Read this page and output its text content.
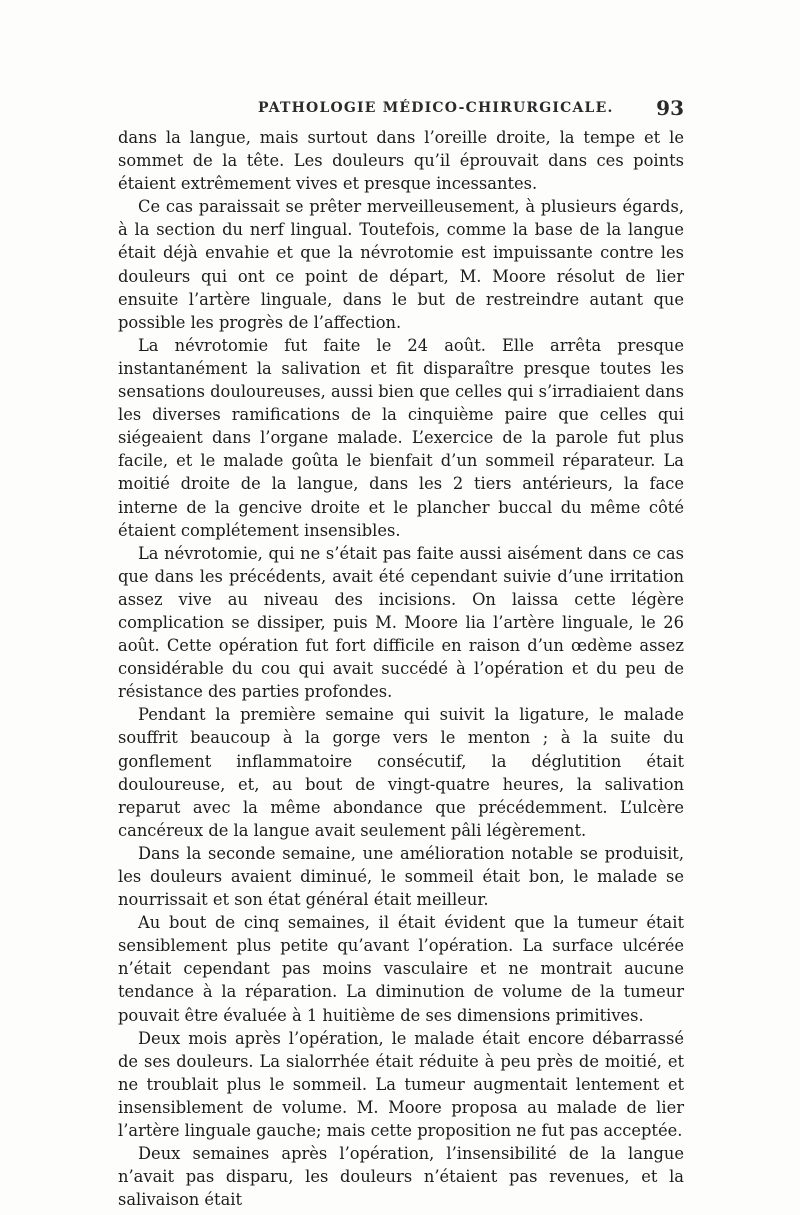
PATHOLOGIE MÉDICO-CHIRURGICALE. 93

dans la langue, mais surtout dans l’oreille droite, la tempe et le sommet de la tête. Les douleurs qu’il éprouvait dans ces points étaient extrêmement vives et presque incessantes.

Ce cas paraissait se prêter merveilleusement, à plusieurs égards, à la section du nerf lingual. Toutefois, comme la base de la langue était déjà envahie et que la névrotomie est impuissante contre les douleurs qui ont ce point de départ, M. Moore résolut de lier ensuite l’artère linguale, dans le but de restreindre autant que possible les progrès de l’affection.

La névrotomie fut faite le 24 août. Elle arrêta presque instantanément la salivation et fit disparaître presque toutes les sensations douloureuses, aussi bien que celles qui s’irradiaient dans les diverses ramifications de la cinquième paire que celles qui siégeaient dans l’organe malade. L’exercice de la parole fut plus facile, et le malade goûta le bienfait d’un sommeil réparateur. La moitié droite de la langue, dans les 2 tiers antérieurs, la face interne de la gencive droite et le plancher buccal du même côté étaient complétement insensibles.

La névrotomie, qui ne s’était pas faite aussi aisément dans ce cas que dans les précédents, avait été cependant suivie d’une irritation assez vive au niveau des incisions. On laissa cette légère complication se dissiper, puis M. Moore lia l’artère linguale, le 26 août. Cette opération fut fort difficile en raison d’un œdème assez considérable du cou qui avait succédé à l’opération et du peu de résistance des parties profondes.

Pendant la première semaine qui suivit la ligature, le malade souffrit beaucoup à la gorge vers le menton ; à la suite du gonflement inflammatoire consécutif, la déglutition était douloureuse, et, au bout de vingt-quatre heures, la salivation reparut avec la même abondance que précédemment. L’ulcère cancéreux de la langue avait seulement pâli légèrement.

Dans la seconde semaine, une amélioration notable se produisit, les douleurs avaient diminué, le sommeil était bon, le malade se nourrissait et son état général était meilleur.

Au bout de cinq semaines, il était évident que la tumeur était sensiblement plus petite qu’avant l’opération. La surface ulcérée n’était cependant pas moins vasculaire et ne montrait aucune tendance à la réparation. La diminution de volume de la tumeur pouvait être évaluée à 1 huitième de ses dimensions primitives.

Deux mois après l’opération, le malade était encore débarrassé de ses douleurs. La sialorrhée était réduite à peu près de moitié, et ne troublait plus le sommeil. La tumeur augmentait lentement et insensiblement de volume. M. Moore proposa au malade de lier l’artère linguale gauche; mais cette proposition ne fut pas acceptée.

Deux semaines après l’opération, l’insensibilité de la langue n’avait pas disparu, les douleurs n’étaient pas revenues, et la salivaison était
